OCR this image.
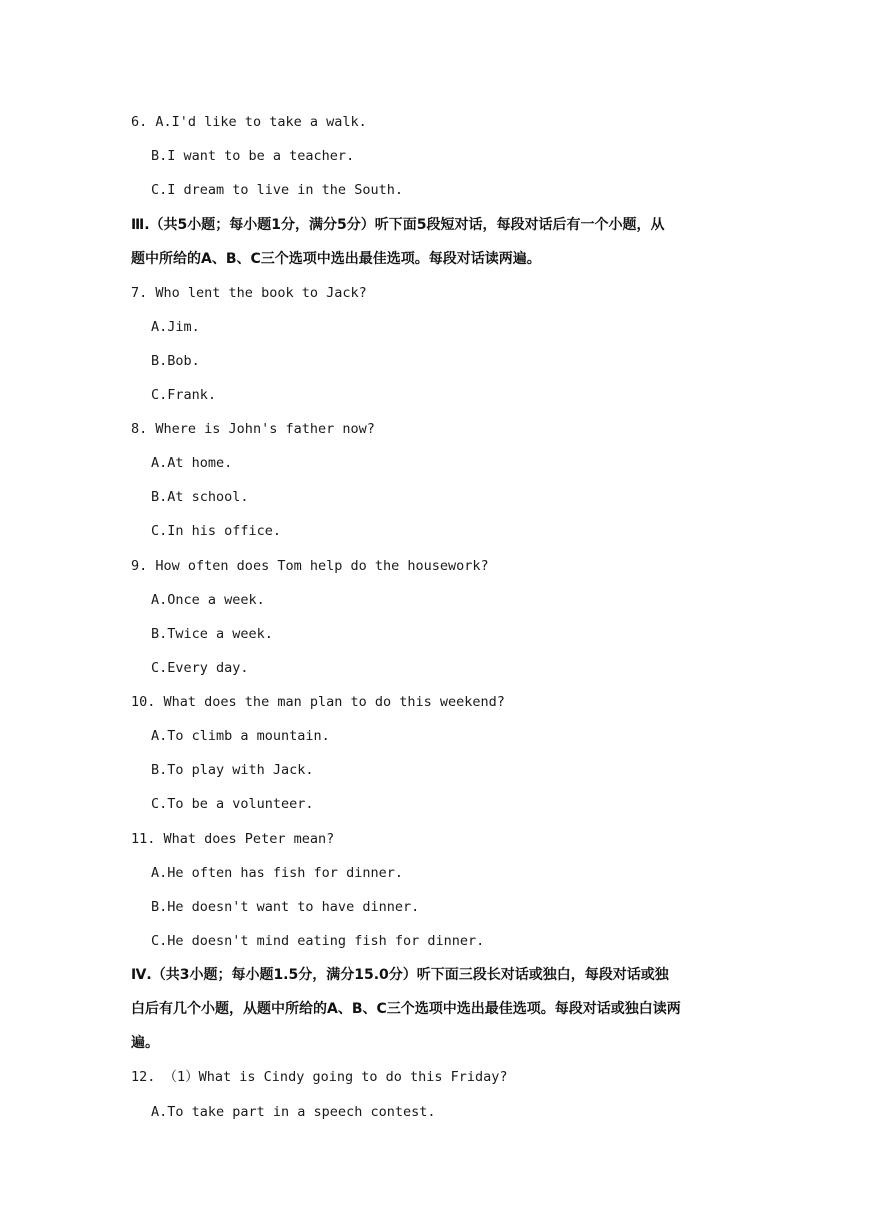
6. A.I'd like to take a walk.
B.I want to be a teacher.
C.I dream to live in the South.
Ⅲ.（共5小题；每小题1分，满分5分）听下面5段短对话，每段对话后有一个小题，从
题中所给的A、B、C三个选项中选出最佳选项。每段对话读两遍。
7. Who lent the book to Jack?
A.Jim.
B.Bob.
C.Frank.
8. Where is John's father now?
A.At home.
B.At school.
C.In his office.
9. How often does Tom help do the housework?
A.Once a week.
B.Twice a week.
C.Every day.
10. What does the man plan to do this weekend?
A.To climb a mountain.
B.To play with Jack.
C.To be a volunteer.
11. What does Peter mean?
A.He often has fish for dinner.
B.He doesn't want to have dinner.
C.He doesn't mind eating fish for dinner.
Ⅳ.（共3小题；每小题1.5分，满分15.0分）听下面三段长对话或独白，每段对话或独
白后有几个小题，从题中所给的A、B、C三个选项中选出最佳选项。每段对话或独白读两
遍。
12. （1）What is Cindy going to do this Friday?
A.To take part in a speech contest.
